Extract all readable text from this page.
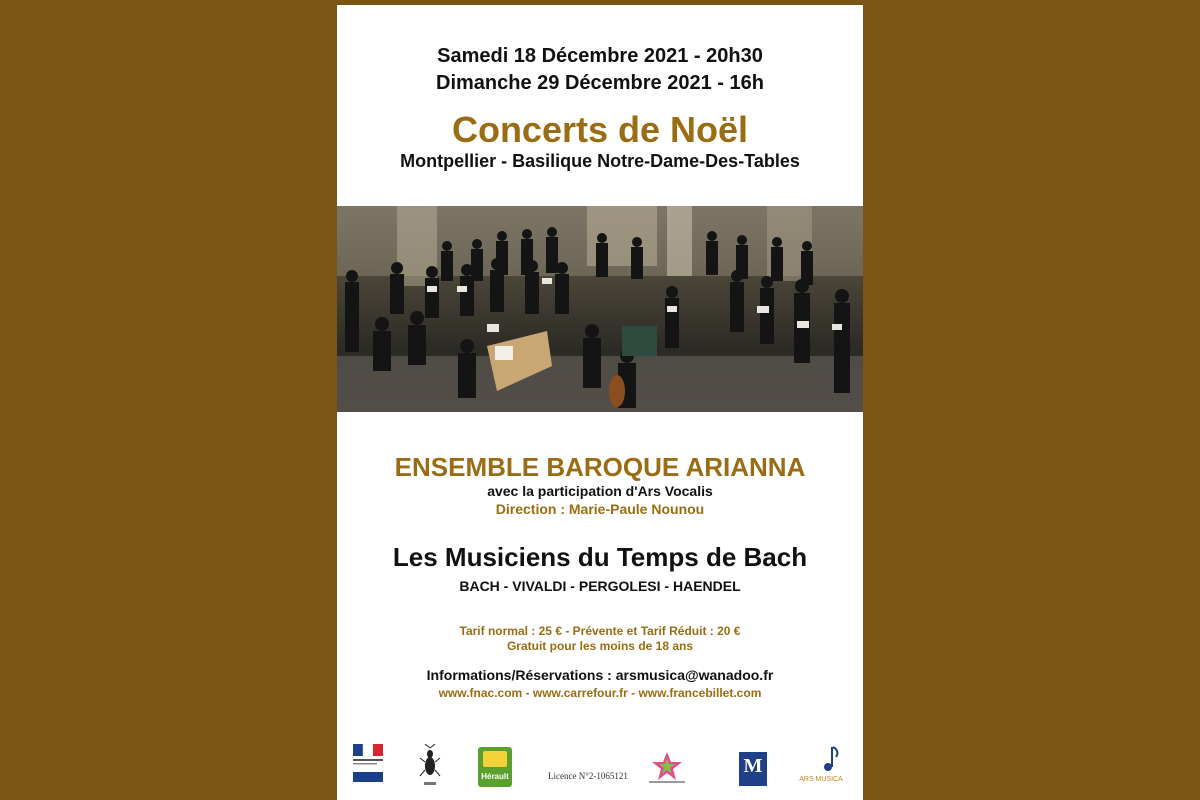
Samedi 18 Décembre 2021 - 20h30
Dimanche 29 Décembre 2021 - 16h
Concerts de Noël
Montpellier - Basilique Notre-Dame-Des-Tables
ENSEMBLE BAROQUE ARIANNA
avec la participation d'Ars Vocalis
Direction : Marie-Paule Nounou
Les Musiciens du Temps de Bach
BACH - VIVALDI - PERGOLESI - HAENDEL
Tarif normal : 25 € - Prévente et Tarif Réduit : 20 €
Gratuit pour les moins de 18 ans
Informations/Réservations : arsmusica@wanadoo.fr
www.fnac.com - www.carrefour.fr - www.francebillet.com
Hérault	Licence N°2-1065121	M
ARS MUSICA
